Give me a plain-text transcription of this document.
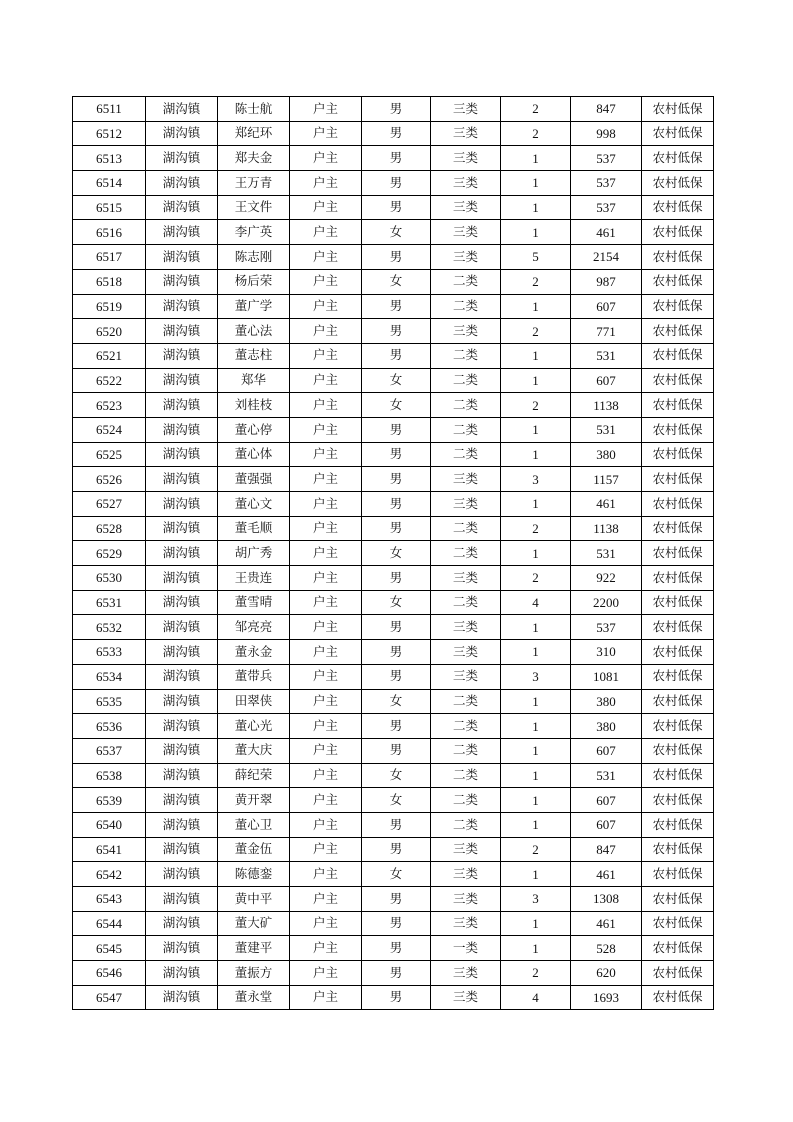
6511	湖沟镇	陈士航	户主	男	三类	2	847	农村低保
6512	湖沟镇	郑纪环	户主	男	三类	2	998	农村低保
6513	湖沟镇	郑夫金	户主	男	三类	1	537	农村低保
6514	湖沟镇	王万青	户主	男	三类	1	537	农村低保
6515	湖沟镇	王文件	户主	男	三类	1	537	农村低保
6516	湖沟镇	李广英	户主	女	三类	1	461	农村低保
6517	湖沟镇	陈志刚	户主	男	三类	5	2154	农村低保
6518	湖沟镇	杨后荣	户主	女	二类	2	987	农村低保
6519	湖沟镇	董广学	户主	男	二类	1	607	农村低保
6520	湖沟镇	董心法	户主	男	三类	2	771	农村低保
6521	湖沟镇	董志柱	户主	男	二类	1	531	农村低保
6522	湖沟镇	郑华	户主	女	二类	1	607	农村低保
6523	湖沟镇	刘桂枝	户主	女	二类	2	1138	农村低保
6524	湖沟镇	董心停	户主	男	二类	1	531	农村低保
6525	湖沟镇	董心体	户主	男	二类	1	380	农村低保
6526	湖沟镇	董强强	户主	男	三类	3	1157	农村低保
6527	湖沟镇	董心文	户主	男	三类	1	461	农村低保
6528	湖沟镇	董毛顺	户主	男	二类	2	1138	农村低保
6529	湖沟镇	胡广秀	户主	女	二类	1	531	农村低保
6530	湖沟镇	王贵连	户主	男	三类	2	922	农村低保
6531	湖沟镇	董雪晴	户主	女	二类	4	2200	农村低保
6532	湖沟镇	邹亮亮	户主	男	三类	1	537	农村低保
6533	湖沟镇	董永金	户主	男	三类	1	310	农村低保
6534	湖沟镇	董带兵	户主	男	三类	3	1081	农村低保
6535	湖沟镇	田翠侠	户主	女	二类	1	380	农村低保
6536	湖沟镇	董心光	户主	男	二类	1	380	农村低保
6537	湖沟镇	董大庆	户主	男	二类	1	607	农村低保
6538	湖沟镇	薛纪荣	户主	女	二类	1	531	农村低保
6539	湖沟镇	黄开翠	户主	女	二类	1	607	农村低保
6540	湖沟镇	董心卫	户主	男	二类	1	607	农村低保
6541	湖沟镇	董金伍	户主	男	三类	2	847	农村低保
6542	湖沟镇	陈德銮	户主	女	三类	1	461	农村低保
6543	湖沟镇	黄中平	户主	男	三类	3	1308	农村低保
6544	湖沟镇	董大矿	户主	男	三类	1	461	农村低保
6545	湖沟镇	董建平	户主	男	一类	1	528	农村低保
6546	湖沟镇	董振方	户主	男	三类	2	620	农村低保
6547	湖沟镇	董永堂	户主	男	三类	4	1693	农村低保
